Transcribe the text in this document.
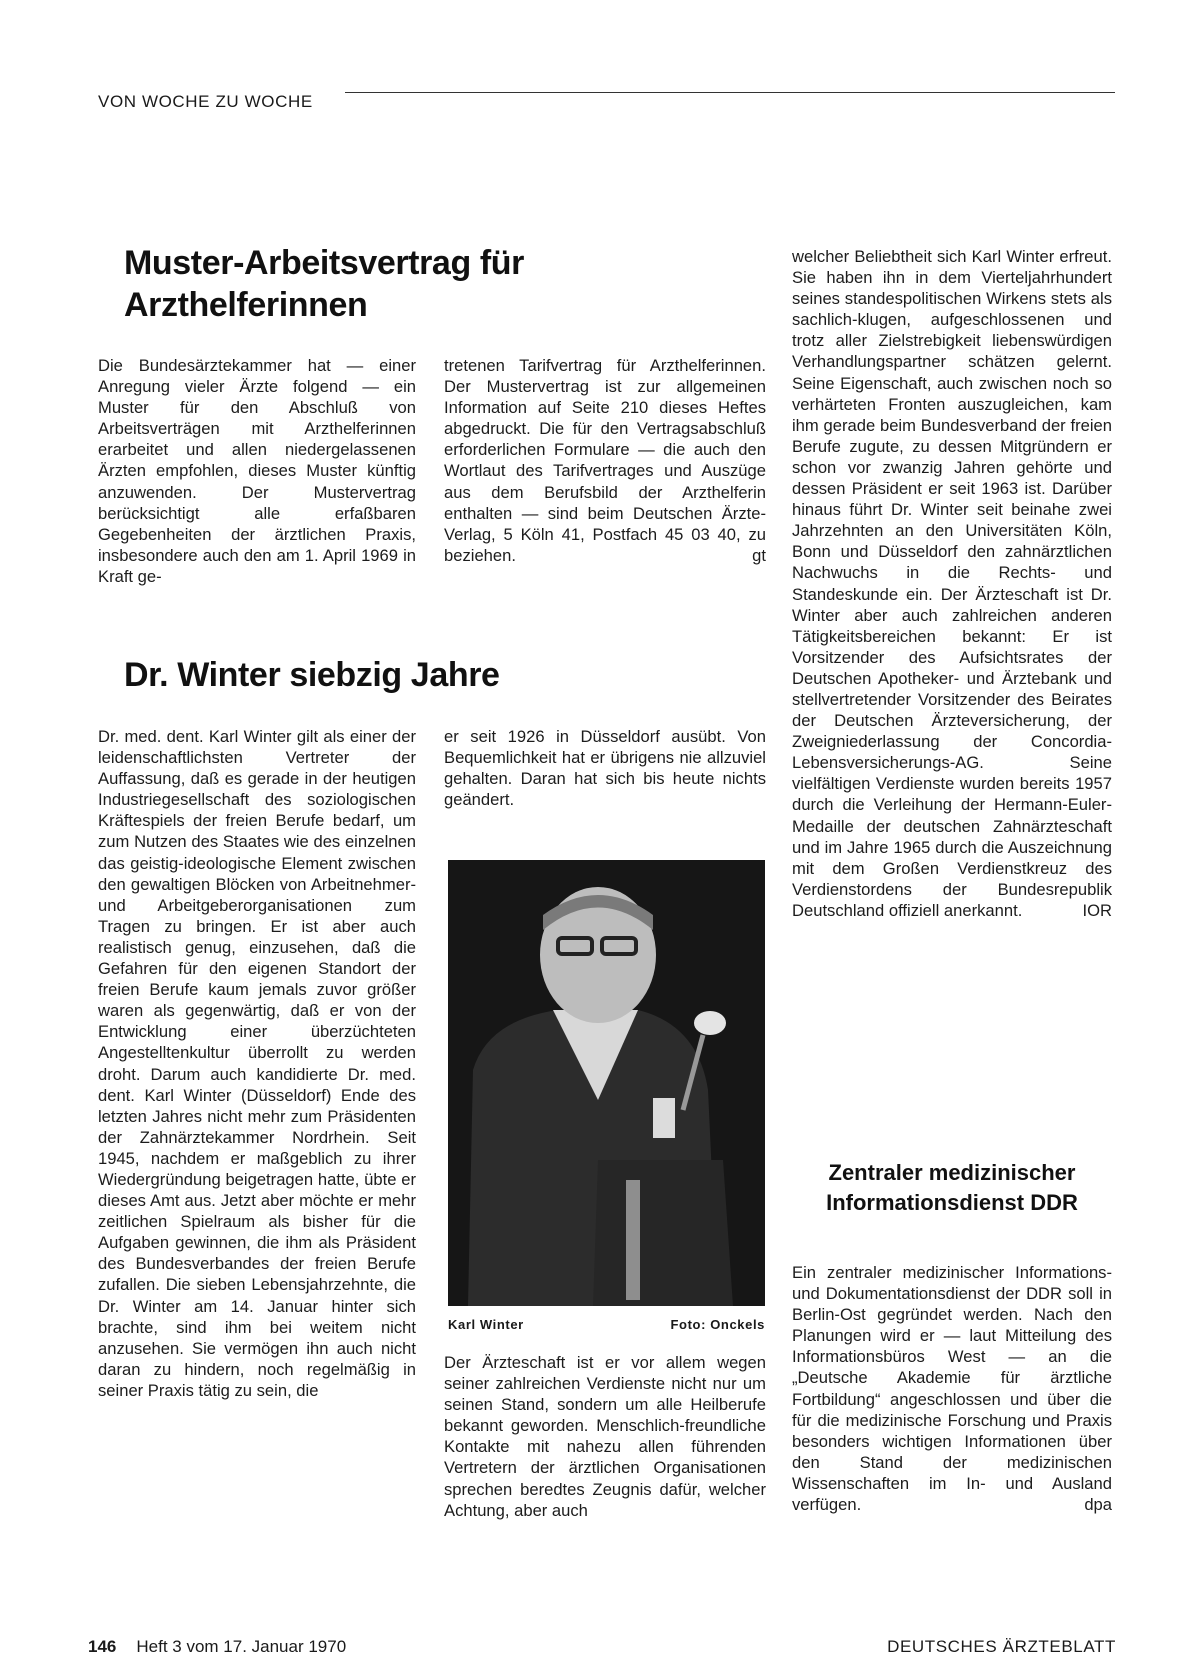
VON WOCHE ZU WOCHE
Muster-Arbeitsvertrag für Arzthelferinnen

Die Bundesärztekammer hat — einer Anregung vieler Ärzte folgend — ein Muster für den Abschluß von Arbeitsverträgen mit Arzthelferinnen erarbeitet und allen niedergelassenen Ärzten empfohlen, dieses Muster künftig anzuwenden. Der Mustervertrag berücksichtigt alle erfaßbaren Gegebenheiten der ärztlichen Praxis, insbesondere auch den am 1. April 1969 in Kraft ge-

tretenen Tarifvertrag für Arzthelferinnen. Der Mustervertrag ist zur allgemeinen Information auf Seite 210 dieses Heftes abgedruckt. Die für den Vertragsabschluß erforderlichen Formulare — die auch den Wortlaut des Tarifvertrages und Auszüge aus dem Berufsbild der Arzthelferin enthalten — sind beim Deutschen Ärzte-Verlag, 5 Köln 41, Postfach 45 03 40, zu beziehen.	gt

Dr. Winter siebzig Jahre

Dr. med. dent. Karl Winter gilt als einer der leidenschaftlichsten Vertreter der Auffassung, daß es gerade in der heutigen Industriegesellschaft des soziologischen Kräftespiels der freien Berufe bedarf, um zum Nutzen des Staates wie des einzelnen das geistig-ideologische Element zwischen den gewaltigen Blöcken von Arbeitnehmer- und Arbeitgeberorganisationen zum Tragen zu bringen. Er ist aber auch realistisch genug, einzusehen, daß die Gefahren für den eigenen Standort der freien Berufe kaum jemals zuvor größer waren als gegenwärtig, daß er von der Entwicklung einer überzüchteten Angestelltenkultur überrollt zu werden droht. Darum auch kandidierte Dr. med. dent. Karl Winter (Düsseldorf) Ende des letzten Jahres nicht mehr zum Präsidenten der Zahnärztekammer Nordrhein. Seit 1945, nachdem er maßgeblich zu ihrer Wiedergründung beigetragen hatte, übte er dieses Amt aus. Jetzt aber möchte er mehr zeitlichen Spielraum als bisher für die Aufgaben gewinnen, die ihm als Präsident des Bundesverbandes der freien Berufe zufallen. Die sieben Lebensjahrzehnte, die Dr. Winter am 14. Januar hinter sich brachte, sind ihm bei weitem nicht anzusehen. Sie vermögen ihn auch nicht daran zu hindern, noch regelmäßig in seiner Praxis tätig zu sein, die

er seit 1926 in Düsseldorf ausübt. Von Bequemlichkeit hat er übrigens nie allzuviel gehalten. Daran hat sich bis heute nichts geändert.

Karl Winter	Foto: Onckels

Der Ärzteschaft ist er vor allem wegen seiner zahlreichen Verdienste nicht nur um seinen Stand, sondern um alle Heilberufe bekannt geworden. Menschlich-freundliche Kontakte mit nahezu allen führenden Vertretern der ärztlichen Organisationen sprechen beredtes Zeugnis dafür, welcher Achtung, aber auch

welcher Beliebtheit sich Karl Winter erfreut. Sie haben ihn in dem Vierteljahrhundert seines standespolitischen Wirkens stets als sachlich-klugen, aufgeschlossenen und trotz aller Zielstrebigkeit liebenswürdigen Verhandlungspartner schätzen gelernt. Seine Eigenschaft, auch zwischen noch so verhärteten Fronten auszugleichen, kam ihm gerade beim Bundesverband der freien Berufe zugute, zu dessen Mitgründern er schon vor zwanzig Jahren gehörte und dessen Präsident er seit 1963 ist. Darüber hinaus führt Dr. Winter seit beinahe zwei Jahrzehnten an den Universitäten Köln, Bonn und Düsseldorf den zahnärztlichen Nachwuchs in die Rechts- und Standeskunde ein. Der Ärzteschaft ist Dr. Winter aber auch zahlreichen anderen Tätigkeitsbereichen bekannt: Er ist Vorsitzender des Aufsichtsrates der Deutschen Apotheker- und Ärztebank und stellvertretender Vorsitzender des Beirates der Deutschen Ärzteversicherung, der Zweigniederlassung der Concordia-Lebensversicherungs-AG. Seine vielfältigen Verdienste wurden bereits 1957 durch die Verleihung der Hermann-Euler-Medaille der deutschen Zahnärzteschaft und im Jahre 1965 durch die Auszeichnung mit dem Großen Verdienstkreuz des Verdienstordens der Bundesrepublik Deutschland offiziell anerkannt.	IOR

Zentraler medizinischer Informationsdienst DDR

Ein zentraler medizinischer Informations- und Dokumentationsdienst der DDR soll in Berlin-Ost gegründet werden. Nach den Planungen wird er — laut Mitteilung des Informationsbüros West — an die „Deutsche Akademie für ärztliche Fortbildung“ angeschlossen und über die für die medizinische Forschung und Praxis besonders wichtigen Informationen über den Stand der medizinischen Wissenschaften im In- und Ausland verfügen.	dpa

146 Heft 3 vom 17. Januar 1970	DEUTSCHES ÄRZTEBLATT
